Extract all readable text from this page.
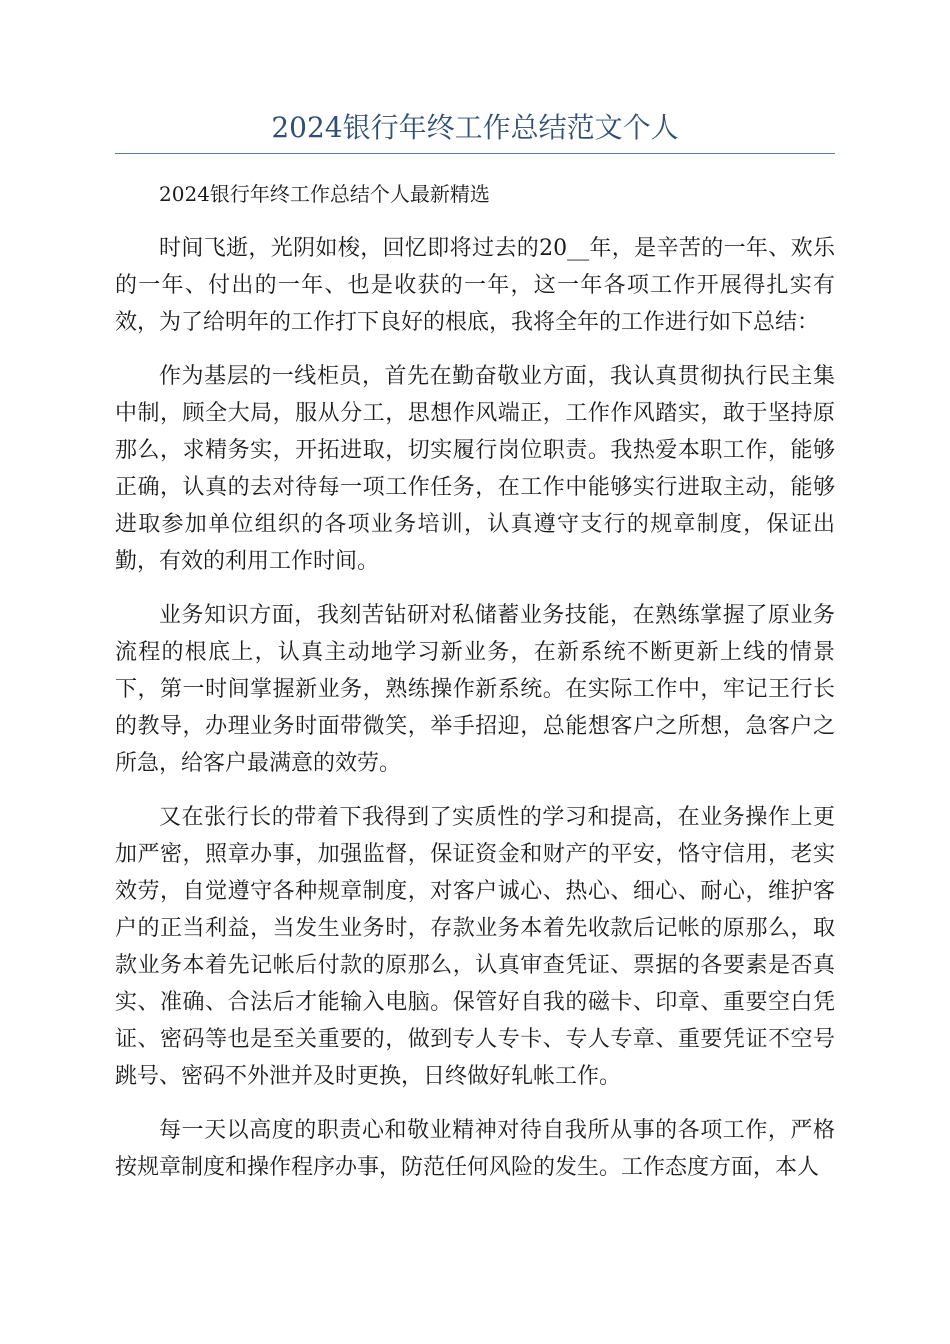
2024银行年终工作总结范文个人

2024银行年终工作总结个人最新精选

时间飞逝，光阴如梭，回忆即将过去的20__年，是辛苦的一年、欢乐的一年、付出的一年、也是收获的一年，这一年各项工作开展得扎实有效，为了给明年的工作打下良好的根底，我将全年的工作进行如下总结：

作为基层的一线柜员，首先在勤奋敬业方面，我认真贯彻执行民主集中制，顾全大局，服从分工，思想作风端正，工作作风踏实，敢于坚持原那么，求精务实，开拓进取，切实履行岗位职责。我热爱本职工作，能够正确，认真的去对待每一项工作任务，在工作中能够实行进取主动，能够进取参加单位组织的各项业务培训，认真遵守支行的规章制度，保证出勤，有效的利用工作时间。

业务知识方面，我刻苦钻研对私储蓄业务技能，在熟练掌握了原业务流程的根底上，认真主动地学习新业务，在新系统不断更新上线的情景下，第一时间掌握新业务，熟练操作新系统。在实际工作中，牢记王行长的教导，办理业务时面带微笑，举手招迎，总能想客户之所想，急客户之所急，给客户最满意的效劳。

又在张行长的带着下我得到了实质性的学习和提高，在业务操作上更加严密，照章办事，加强监督，保证资金和财产的平安，恪守信用，老实效劳，自觉遵守各种规章制度，对客户诚心、热心、细心、耐心，维护客户的正当利益，当发生业务时，存款业务本着先收款后记帐的原那么，取款业务本着先记帐后付款的原那么，认真审查凭证、票据的各要素是否真实、准确、合法后才能输入电脑。保管好自我的磁卡、印章、重要空白凭证、密码等也是至关重要的，做到专人专卡、专人专章、重要凭证不空号跳号、密码不外泄并及时更换，日终做好轧帐工作。

每一天以高度的职责心和敬业精神对待自我所从事的各项工作，严格按规章制度和操作程序办事，防范任何风险的发生。工作态度方面，本人
